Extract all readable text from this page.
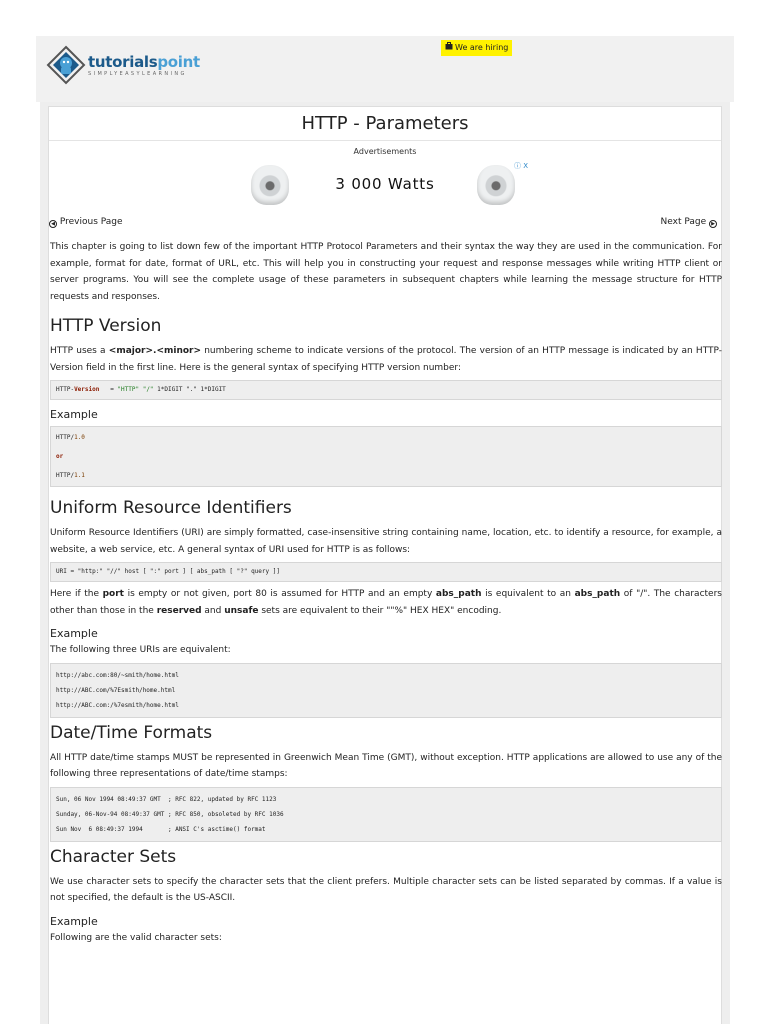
tutorialspoint
SIMPLYEASYLEARNING
We are hiring
HTTP - Parameters
Advertisements
3 000 Watts
ⓘ X
◀ Previous Page	Next Page ▶

This chapter is going to list down few of the important HTTP Protocol Parameters and their syntax the way they are used in the communication. For example, format for date, format of URL, etc. This will help you in constructing your request and response messages while writing HTTP client or server programs. You will see the complete usage of these parameters in subsequent chapters while learning the message structure for HTTP requests and responses.

HTTP Version

HTTP uses a <major>.<minor> numbering scheme to indicate versions of the protocol. The version of an HTTP message is indicated by an HTTP-Version field in the first line. Here is the general syntax of specifying HTTP version number:

HTTP-Version   = "HTTP" "/" 1*DIGIT "." 1*DIGIT
Example
HTTP/1.0
or
HTTP/1.1
Uniform Resource Identifiers

Uniform Resource Identifiers (URI) are simply formatted, case-insensitive string containing name, location, etc. to identify a resource, for example, a website, a web service, etc. A general syntax of URI used for HTTP is as follows:

URI = "http:" "//" host [ ":" port ] [ abs_path [ "?" query ]]

Here if the port is empty or not given, port 80 is assumed for HTTP and an empty abs_path is equivalent to an abs_path of "/". The characters other than those in the reserved and unsafe sets are equivalent to their ""%" HEX HEX" encoding.

Example

The following three URIs are equivalent:

http://abc.com:80/~smith/home.html
http://ABC.com/%7Esmith/home.html
http://ABC.com:/%7esmith/home.html
Date/Time Formats

All HTTP date/time stamps MUST be represented in Greenwich Mean Time (GMT), without exception. HTTP applications are allowed to use any of the following three representations of date/time stamps:

Sun, 06 Nov 1994 08:49:37 GMT  ; RFC 822, updated by RFC 1123
Sunday, 06-Nov-94 08:49:37 GMT ; RFC 850, obsoleted by RFC 1036
Sun Nov  6 08:49:37 1994       ; ANSI C's asctime() format
Character Sets

We use character sets to specify the character sets that the client prefers. Multiple character sets can be listed separated by commas. If a value is not specified, the default is the US-ASCII.

Example

Following are the valid character sets:
